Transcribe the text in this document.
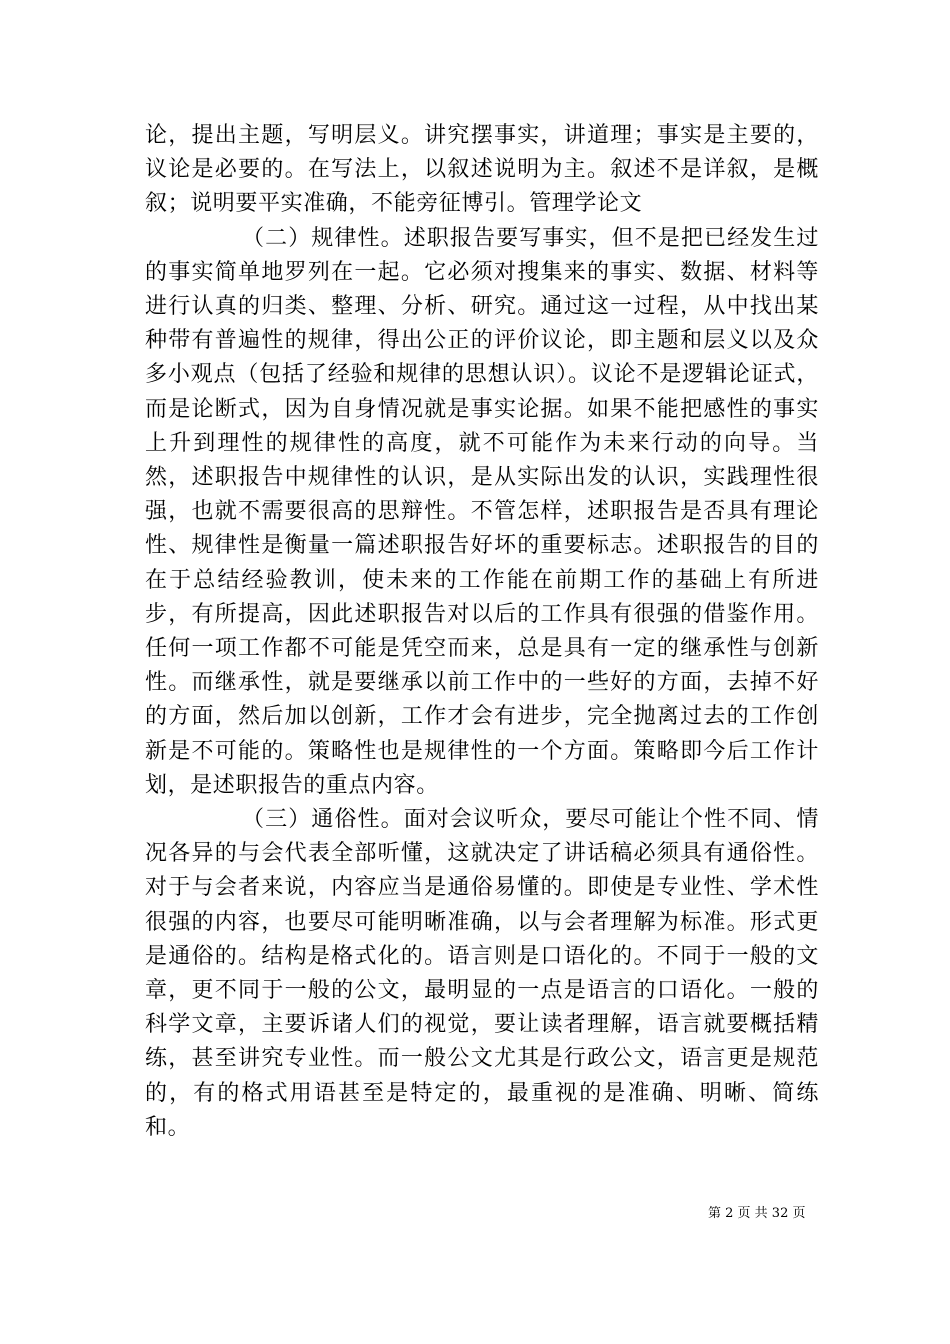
论，提出主题，写明层义。讲究摆事实，讲道理；事实是主要的，议论是必要的。在写法上，以叙述说明为主。叙述不是详叙，是概叙；说明要平实准确，不能旁征博引。管理学论文

（二）规律性。述职报告要写事实，但不是把已经发生过的事实简单地罗列在一起。它必须对搜集来的事实、数据、材料等进行认真的归类、整理、分析、研究。通过这一过程，从中找出某种带有普遍性的规律，得出公正的评价议论，即主题和层义以及众多小观点（包括了经验和规律的思想认识）。议论不是逻辑论证式，而是论断式，因为自身情况就是事实论据。如果不能把感性的事实上升到理性的规律性的高度，就不可能作为未来行动的向导。当然，述职报告中规律性的认识，是从实际出发的认识，实践理性很强，也就不需要很高的思辩性。不管怎样，述职报告是否具有理论性、规律性是衡量一篇述职报告好坏的重要标志。述职报告的目的在于总结经验教训，使未来的工作能在前期工作的基础上有所进步，有所提高，因此述职报告对以后的工作具有很强的借鉴作用。任何一项工作都不可能是凭空而来，总是具有一定的继承性与创新性。而继承性，就是要继承以前工作中的一些好的方面，去掉不好的方面，然后加以创新，工作才会有进步，完全抛离过去的工作创新是不可能的。策略性也是规律性的一个方面。策略即今后工作计划，是述职报告的重点内容。

（三）通俗性。面对会议听众，要尽可能让个性不同、情况各异的与会代表全部听懂，这就决定了讲话稿必须具有通俗性。对于与会者来说，内容应当是通俗易懂的。即使是专业性、学术性很强的内容，也要尽可能明晰准确，以与会者理解为标准。形式更是通俗的。结构是格式化的。语言则是口语化的。不同于一般的文章，更不同于一般的公文，最明显的一点是语言的口语化。一般的科学文章，主要诉诸人们的视觉，要让读者理解，语言就要概括精练，甚至讲究专业性。而一般公文尤其是行政公文，语言更是规范的，有的格式用语甚至是特定的，最重视的是准确、明晰、简练和。

第 2 页 共 32 页
